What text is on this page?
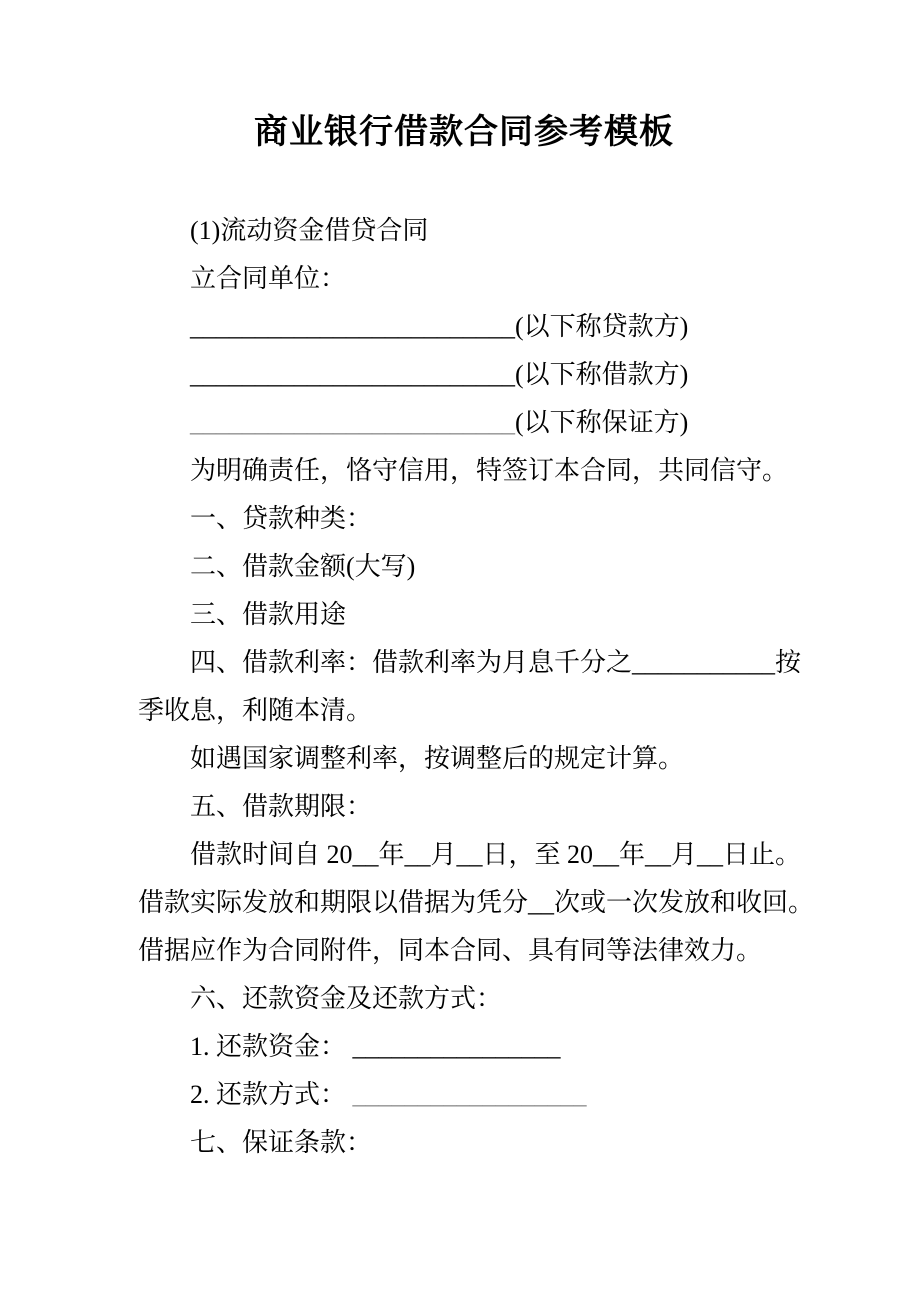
商业银行借款合同参考模板
(1)流动资金借贷合同
立合同单位：
_________________________(以下称贷款方)
_________________________(以下称借款方)
_________________________(以下称保证方)
为明确责任，恪守信用，特签订本合同，共同信守。
一、贷款种类：
二、借款金额(大写)
三、借款用途
四、借款利率：借款利率为月息千分之___________按
季收息，利随本清。
如遇国家调整利率，按调整后的规定计算。
五、借款期限：
借款时间自 20__年__月__日，至 20__年__月__日止。
借款实际发放和期限以借据为凭分__次或一次发放和收回。
借据应作为合同附件，同本合同、具有同等法律效力。
六、还款资金及还款方式：
1. 还款资金： ________________
2. 还款方式： __________________
七、保证条款：
